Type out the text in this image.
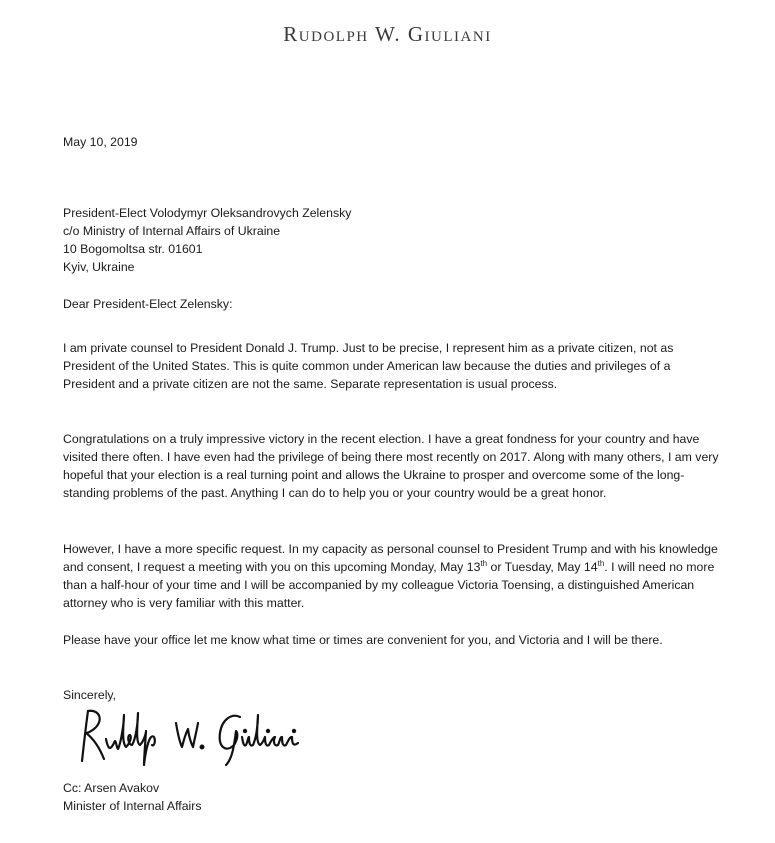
Rudolph W. Giuliani
May 10, 2019
President-Elect Volodymyr Oleksandrovych Zelensky
c/o Ministry of Internal Affairs of Ukraine
10 Bogomoltsa str. 01601
Kyiv, Ukraine
Dear President-Elect Zelensky:
I am private counsel to President Donald J. Trump. Just to be precise, I represent him as a private citizen, not as President of the United States. This is quite common under American law because the duties and privileges of a President and a private citizen are not the same. Separate representation is usual process.
Congratulations on a truly impressive victory in the recent election. I have a great fondness for your country and have visited there often. I have even had the privilege of being there most recently on 2017. Along with many others, I am very hopeful that your election is a real turning point and allows the Ukraine to prosper and overcome some of the long-standing problems of the past. Anything I can do to help you or your country would be a great honor.
However, I have a more specific request. In my capacity as personal counsel to President Trump and with his knowledge and consent, I request a meeting with you on this upcoming Monday, May 13th or Tuesday, May 14th. I will need no more than a half-hour of your time and I will be accompanied by my colleague Victoria Toensing, a distinguished American attorney who is very familiar with this matter.
Please have your office let me know what time or times are convenient for you, and Victoria and I will be there.
Sincerely,
Cc: Arsen Avakov
Minister of Internal Affairs
